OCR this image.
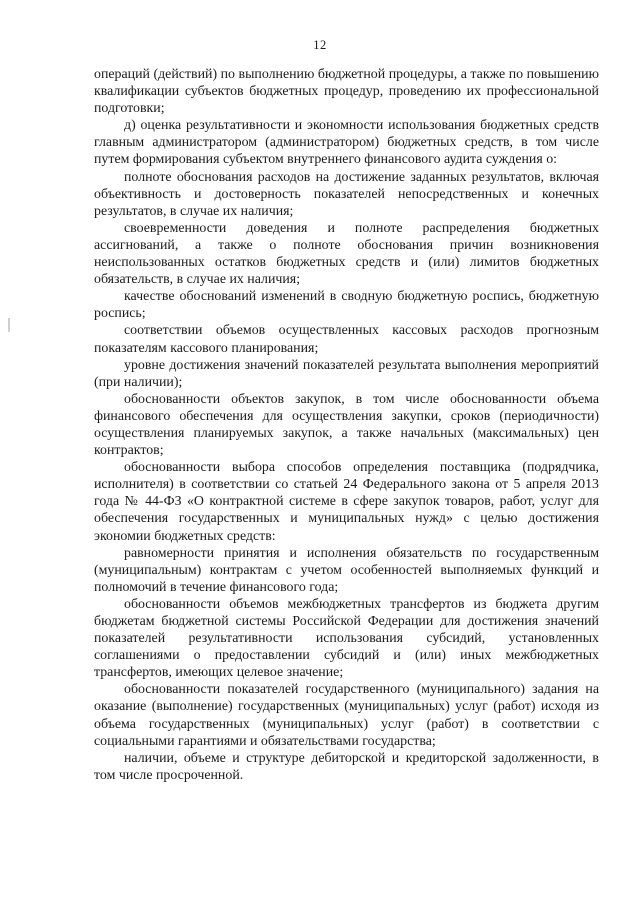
12

операций (действий) по выполнению бюджетной процедуры, а также по повышению квалификации субъектов бюджетных процедур, проведению их профессиональной подготовки;

д) оценка результативности и экономности использования бюджетных средств главным администратором (администратором) бюджетных средств, в том числе путем формирования субъектом внутреннего финансового аудита суждения о:

полноте обоснования расходов на достижение заданных результатов, включая объективность и достоверность показателей непосредственных и конечных результатов, в случае их наличия;

своевременности доведения и полноте распределения бюджетных ассигнований, а также о полноте обоснования причин возникновения неиспользованных остатков бюджетных средств и (или) лимитов бюджетных обязательств, в случае их наличия;

качестве обоснований изменений в сводную бюджетную роспись, бюджетную роспись;

соответствии объемов осуществленных кассовых расходов прогнозным показателям кассового планирования;

уровне достижения значений показателей результата выполнения мероприятий (при наличии);

обоснованности объектов закупок, в том числе обоснованности объема финансового обеспечения для осуществления закупки, сроков (периодичности) осуществления планируемых закупок, а также начальных (максимальных) цен контрактов;

обоснованности выбора способов определения поставщика (подрядчика, исполнителя) в соответствии со статьей 24 Федерального закона от 5 апреля 2013 года № 44-ФЗ «О контрактной системе в сфере закупок товаров, работ, услуг для обеспечения государственных и муниципальных нужд» с целью достижения экономии бюджетных средств:

равномерности принятия и исполнения обязательств по государственным (муниципальным) контрактам с учетом особенностей выполняемых функций и полномочий в течение финансового года;

обоснованности объемов межбюджетных трансфертов из бюджета другим бюджетам бюджетной системы Российской Федерации для достижения значений показателей результативности использования субсидий, установленных соглашениями о предоставлении субсидий и (или) иных межбюджетных трансфертов, имеющих целевое значение;

обоснованности показателей государственного (муниципального) задания на оказание (выполнение) государственных (муниципальных) услуг (работ) исходя из объема государственных (муниципальных) услуг (работ) в соответствии с социальными гарантиями и обязательствами государства;

наличии, объеме и структуре дебиторской и кредиторской задолженности, в том числе просроченной.
